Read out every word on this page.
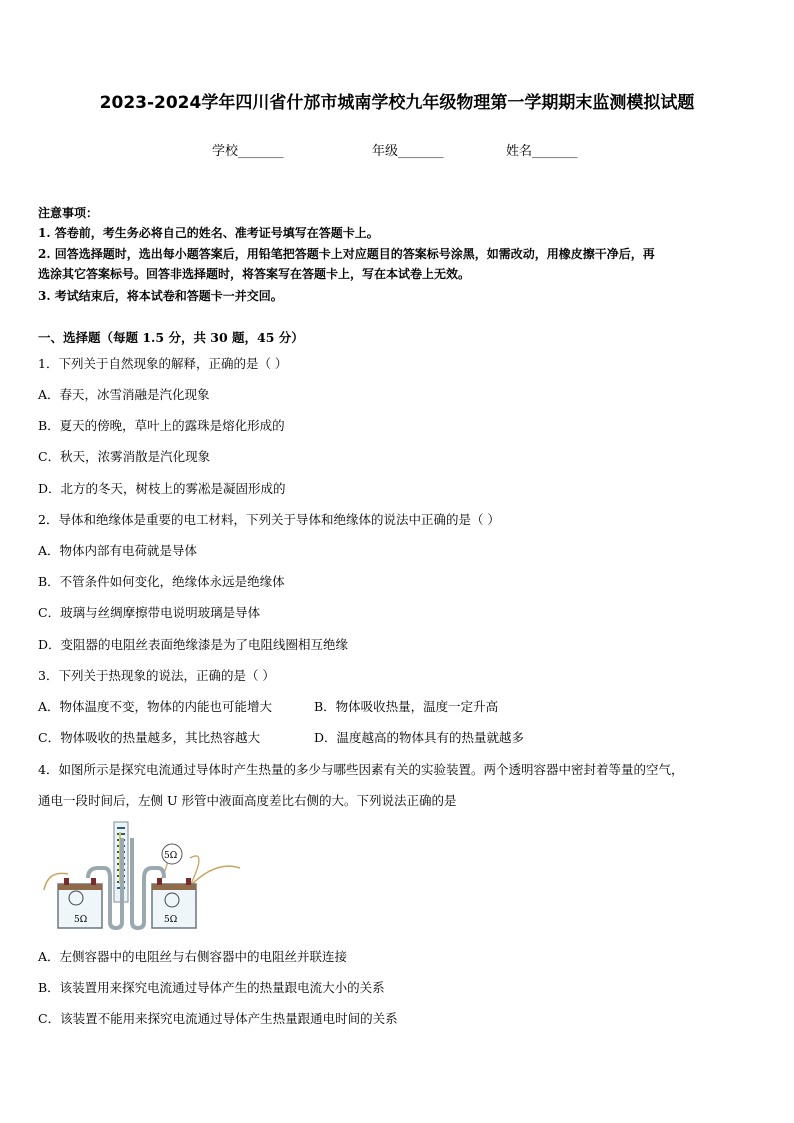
2023-2024学年四川省什邡市城南学校九年级物理第一学期期末监测模拟试题
学校_______	年级_______	姓名_______
注意事项：
1. 答卷前，考生务必将自己的姓名、准考证号填写在答题卡上。
2. 回答选择题时，选出每小题答案后，用铅笔把答题卡上对应题目的答案标号涂黑，如需改动，用橡皮擦干净后，再
选涂其它答案标号。回答非选择题时，将答案写在答题卡上，写在本试卷上无效。
3. 考试结束后，将本试卷和答题卡一并交回。
一、选择题（每题 1.5 分，共 30 题，45 分）
1．下列关于自然现象的解释，正确的是（ ）
A．春天，冰雪消融是汽化现象
B．夏天的傍晚，草叶上的露珠是熔化形成的
C．秋天，浓雾消散是汽化现象
D．北方的冬天，树枝上的雾凇是凝固形成的
2．导体和绝缘体是重要的电工材料，下列关于导体和绝缘体的说法中正确的是（ ）
A．物体内部有电荷就是导体
B．不管条件如何变化，绝缘体永远是绝缘体
C．玻璃与丝绸摩擦带电说明玻璃是导体
D．变阻器的电阻丝表面绝缘漆是为了电阻线圈相互绝缘
3．下列关于热现象的说法，正确的是（ ）
A．物体温度不变，物体的内能也可能增大	B．物体吸收热量，温度一定升高
C．物体吸收的热量越多，其比热容越大	D．温度越高的物体具有的热量就越多
4．如图所示是探究电流通过导体时产生热量的多少与哪些因素有关的实验装置。两个透明容器中密封着等量的空气，
通电一段时间后，左侧 U 形管中液面高度差比右侧的大。下列说法正确的是
5Ω	5Ω
5Ω
A．左侧容器中的电阻丝与右侧容器中的电阻丝并联连接
B．该装置用来探究电流通过导体产生的热量跟电流大小的关系
C．该装置不能用来探究电流通过导体产生热量跟通电时间的关系
